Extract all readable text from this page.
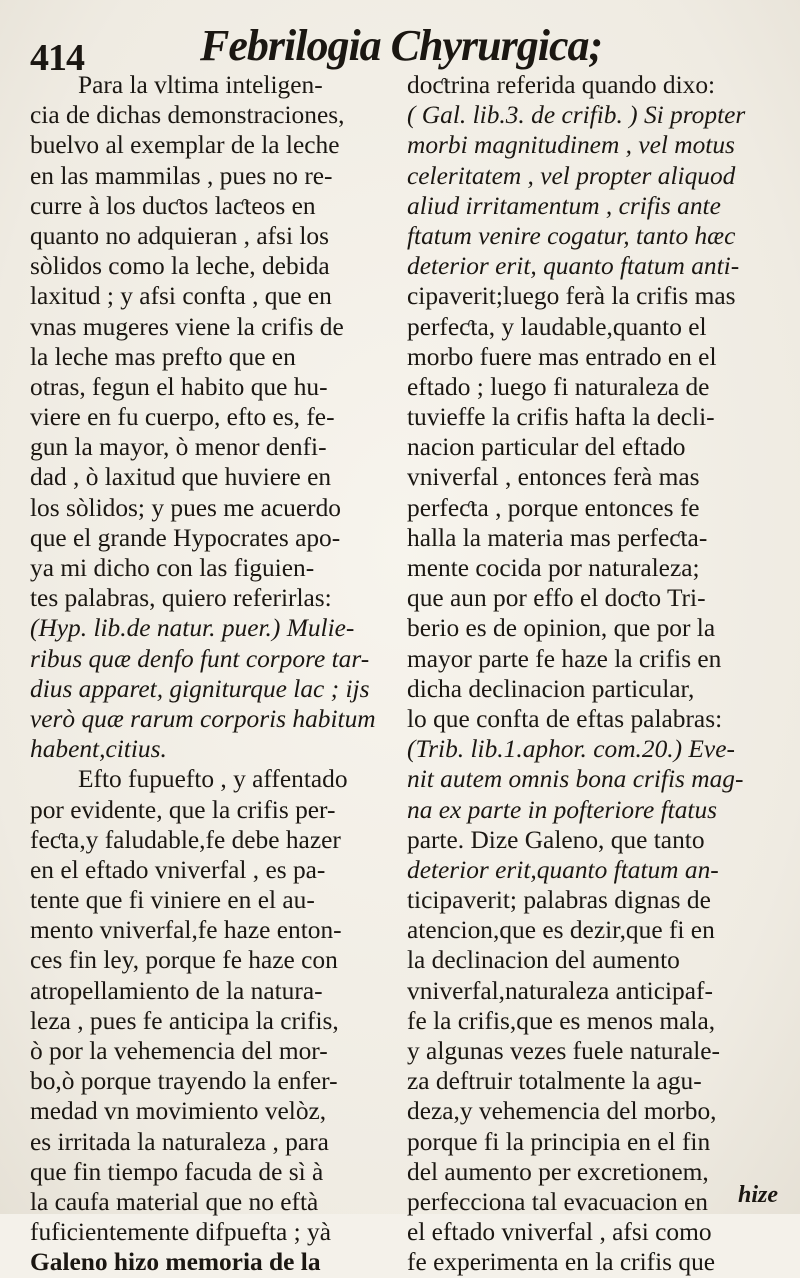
414	Febrilogia Chyrurgica;
Para la vltima inteligen-
cia de dichas demonstraciones,
buelvo al exemplar de la leche
en las mammilas , pues no re-
curre à los duƈtos laƈteos en
quanto no adquieran , afsi los
sòlidos como la leche, debida
laxitud ; y afsi confta , que en
vnas mugeres viene la crifis de
la leche mas prefto que en
otras, fegun el habito que hu-
viere en fu cuerpo, efto es, fe-
gun la mayor, ò menor denfi-
dad , ò laxitud que huviere en
los sòlidos; y pues me acuerdo
que el grande Hypocrates apo-
ya mi dicho con las figuien-
tes palabras, quiero referirlas:
(Hyp. lib.de natur. puer.) Mulie-
ribus quæ denfo funt corpore tar-
dius apparet, gigniturque lac ; ijs
verò quæ rarum corporis habitum
habent,citius.
Efto fupuefto , y affentado
por evidente, que la crifis per-
feƈta,y faludable,fe debe hazer
en el eftado vniverfal , es pa-
tente que fi viniere en el au-
mento vniverfal,fe haze enton-
ces fin ley, porque fe haze con
atropellamiento de la natura-
leza , pues fe anticipa la crifis,
ò por la vehemencia del mor-
bo,ò porque trayendo la enfer-
medad vn movimiento velòz,
es irritada la naturaleza , para
que fin tiempo facuda de sì à
la caufa material que no eftà
fuficientemente difpuefta ; yà
Galeno hizo memoria de la
doƈtrina referida quando dixo:
( Gal. lib.3. de crifib. ) Si propter
morbi magnitudinem , vel motus
celeritatem , vel propter aliquod
aliud irritamentum , crifis ante
ftatum venire cogatur, tanto hæc
deterior erit, quanto ftatum anti-
cipaverit;luego ferà la crifis mas
perfeƈta, y laudable,quanto el
morbo fuere mas entrado en el
eftado ; luego fi naturaleza de
tuvieffe la crifis hafta la decli-
nacion particular del eftado
vniverfal , entonces ferà mas
perfeƈta , porque entonces fe
halla la materia mas perfeƈta-
mente cocida por naturaleza;
que aun por effo el doƈto Tri-
berio es de opinion, que por la
mayor parte fe haze la crifis en
dicha declinacion particular,
lo que confta de eftas palabras:
(Trib. lib.1.aphor. com.20.) Eve-
nit autem omnis bona crifis mag-
na ex parte in pofteriore ftatus
parte. Dize Galeno, que tanto
deterior erit,quanto ftatum an-
ticipaverit; palabras dignas de
atencion,que es dezir,que fi en
la declinacion del aumento
vniverfal,naturaleza anticipaf-
fe la crifis,que es menos mala,
y algunas vezes fuele naturale-
za deftruir totalmente la agu-
deza,y vehemencia del morbo,
porque fi la principia en el fin
del aumento per excretionem,
perfecciona tal evacuacion en
el eftado vniverfal , afsi como
fe experimenta en la crifis que
hize
